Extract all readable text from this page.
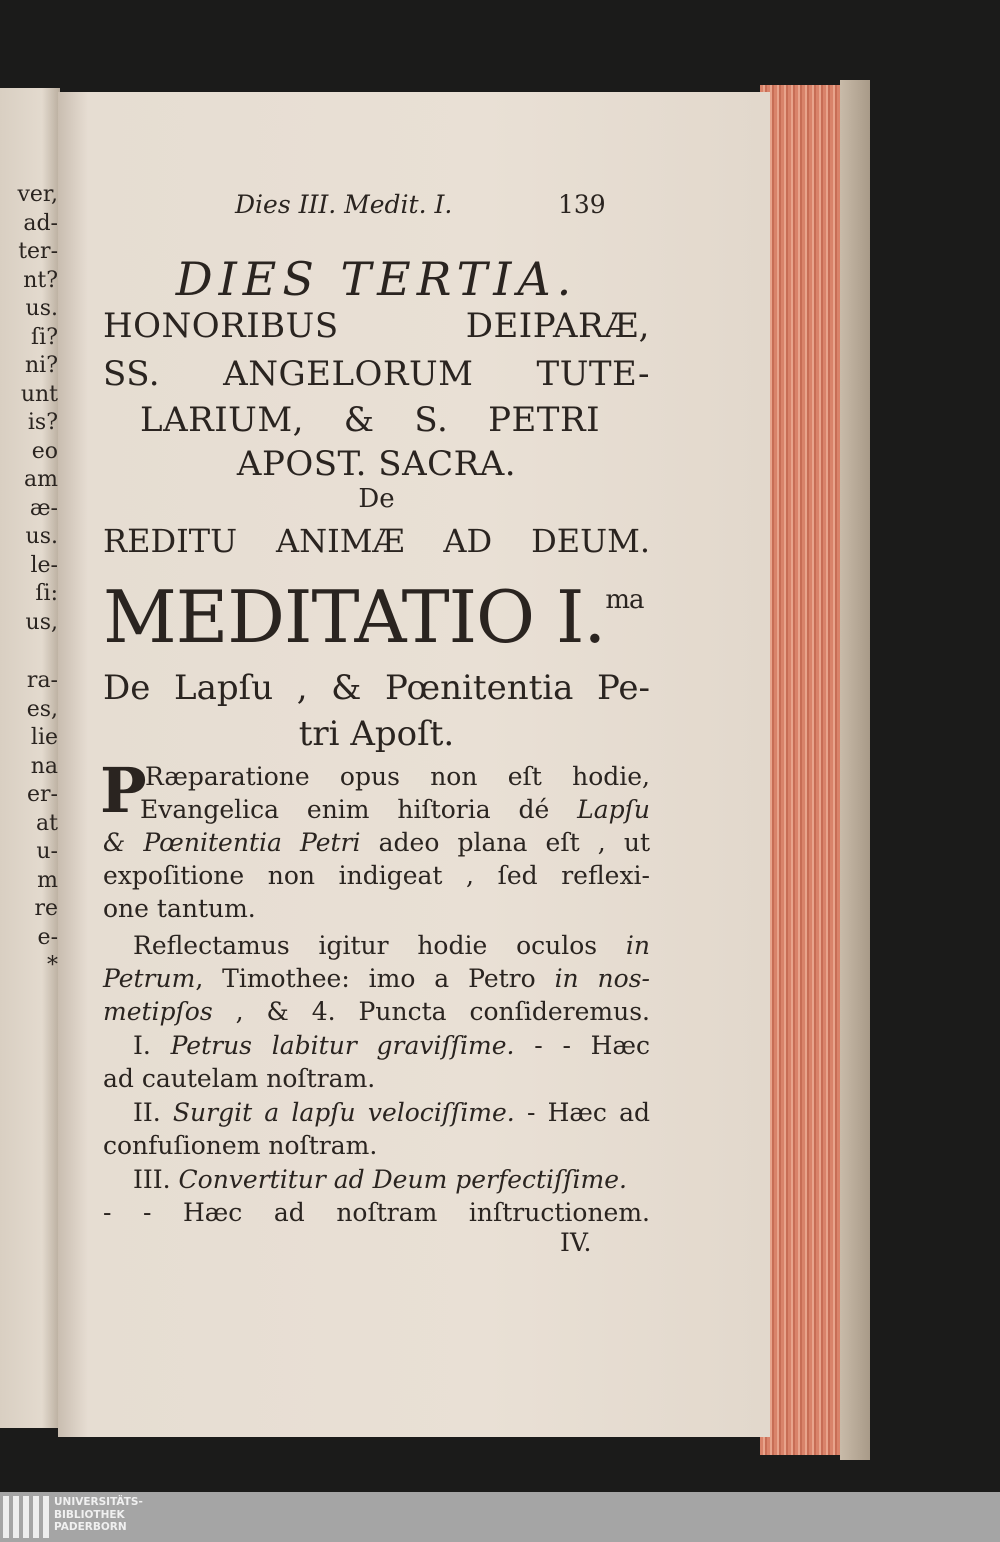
ver,
ad-
ter-
nt?
us.
ſi?
ni?
unt
is?
eo
am
æ-
us.
le-
ſi:
us,
ra-
es,
lie
na
er-
at
u-
m
re
e-
*
Dies III. Medit. I.	139
DIES TERTIA.
HONORIBUS DEIPARÆ,
SS. ANGELORUM TUTE-
LARIUM, & S. PETRI
APOST. SACRA.
De
REDITU ANIMÆ AD DEUM.
MEDITATIO I.$^{ma}$
De Lapſu , & Pœnitentia Pe-
tri Apoſt.
P
Ræparatione opus non eſt hodie,
Evangelica enim hiſtoria dé Lapſu
& Pœnitentia Petri adeo plana eſt , ut
expoſitione non indigeat , ſed reflexi-
one tantum.
Reflectamus igitur hodie oculos in
Petrum, Timothee: imo a Petro in nos-
metipſos , & 4. Puncta conſideremus.
I. Petrus labitur graviſſime. - - Hæc
ad cautelam noſtram.
II. Surgit a lapſu velociſſime. - Hæc ad
confuſionem noſtram.
III. Convertitur ad Deum perfectiſſime.
- - Hæc ad noſtram inſtructionem.
IV.
UNIVERSITÄTS-
BIBLIOTHEK
PADERBORN
